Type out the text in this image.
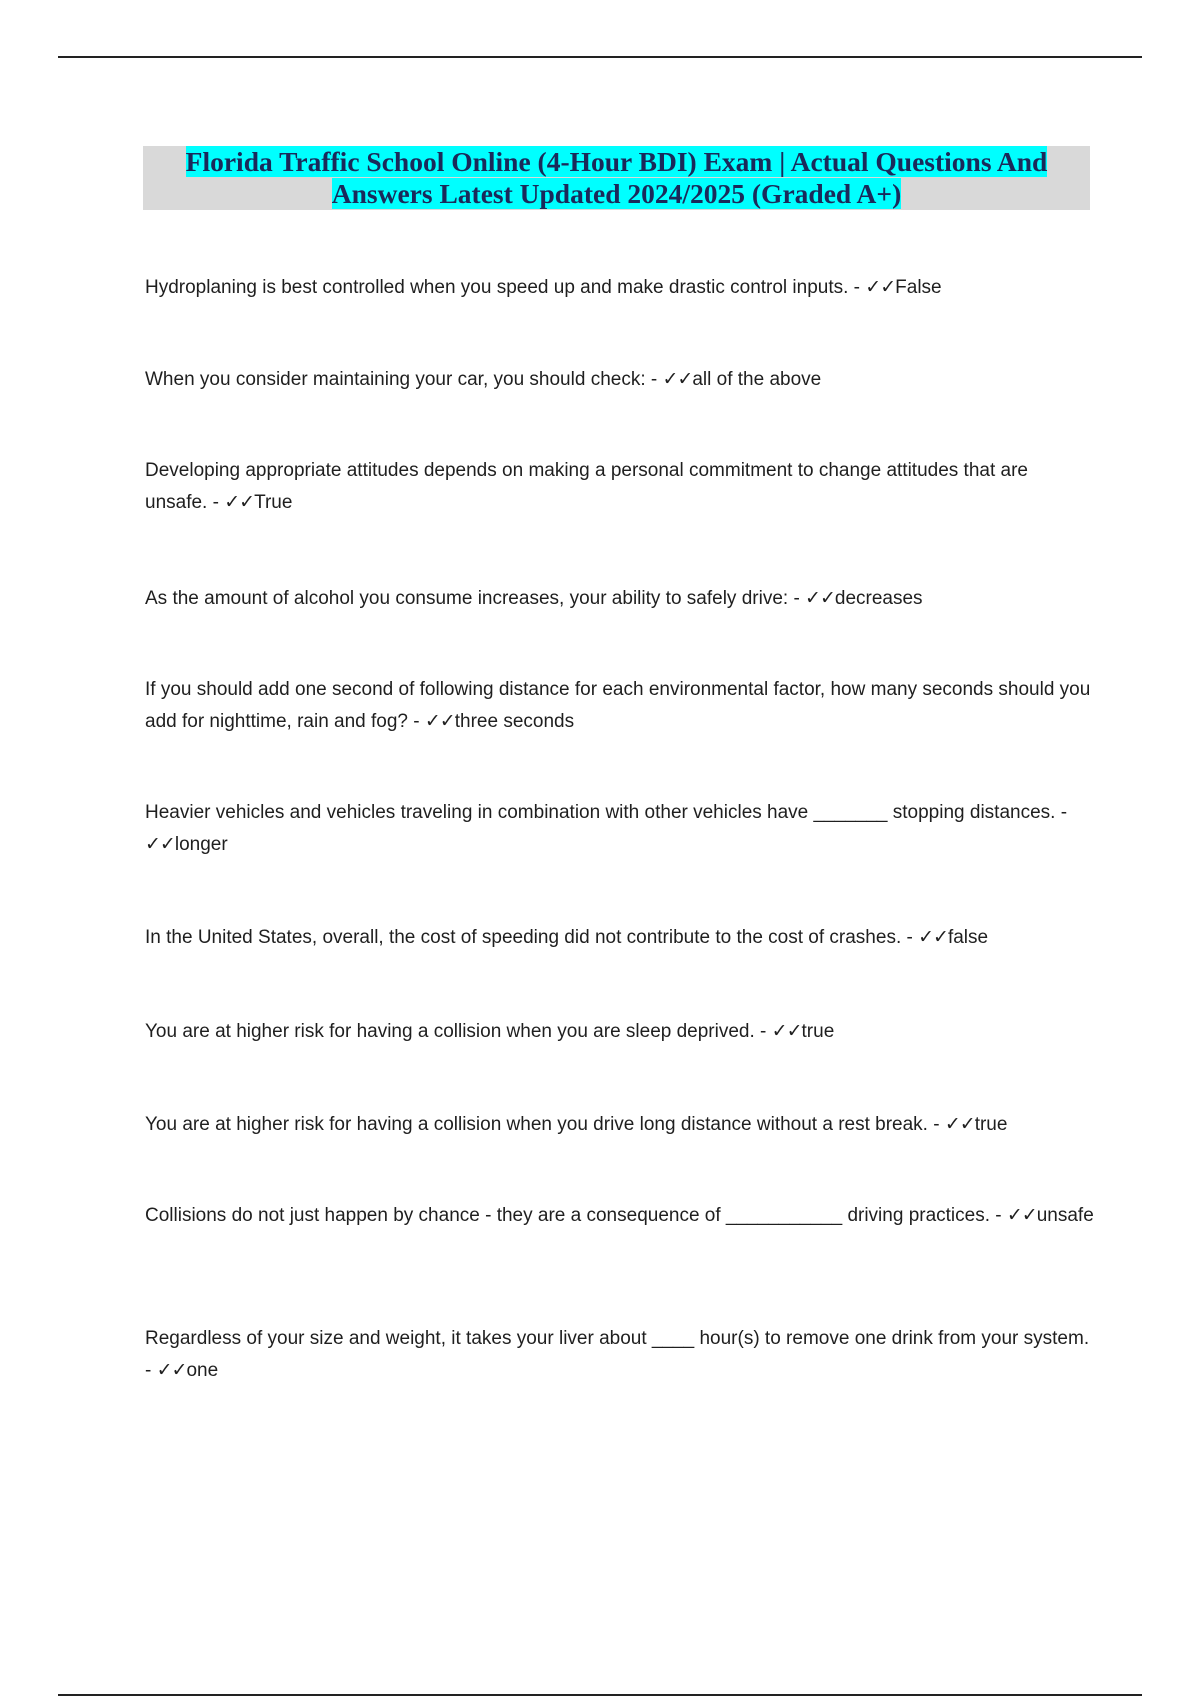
Florida Traffic School Online (4-Hour BDI) Exam | Actual Questions And
Answers Latest Updated 2024/2025 (Graded A+)
Hydroplaning is best controlled when you speed up and make drastic control inputs. - ✓✓False
When you consider maintaining your car, you should check: - ✓✓all of the above
Developing appropriate attitudes depends on making a personal commitment to change attitudes that are unsafe. - ✓✓True
As the amount of alcohol you consume increases, your ability to safely drive: - ✓✓decreases
If you should add one second of following distance for each environmental factor, how many seconds should you add for nighttime, rain and fog? - ✓✓three seconds
Heavier vehicles and vehicles traveling in combination with other vehicles have _______ stopping distances. - ✓✓longer
In the United States, overall, the cost of speeding did not contribute to the cost of crashes. - ✓✓false
You are at higher risk for having a collision when you are sleep deprived. - ✓✓true
You are at higher risk for having a collision when you drive long distance without a rest break. - ✓✓true
Collisions do not just happen by chance - they are a consequence of ___________ driving practices. - ✓✓unsafe
Regardless of your size and weight, it takes your liver about ____ hour(s) to remove one drink from your system. - ✓✓one
